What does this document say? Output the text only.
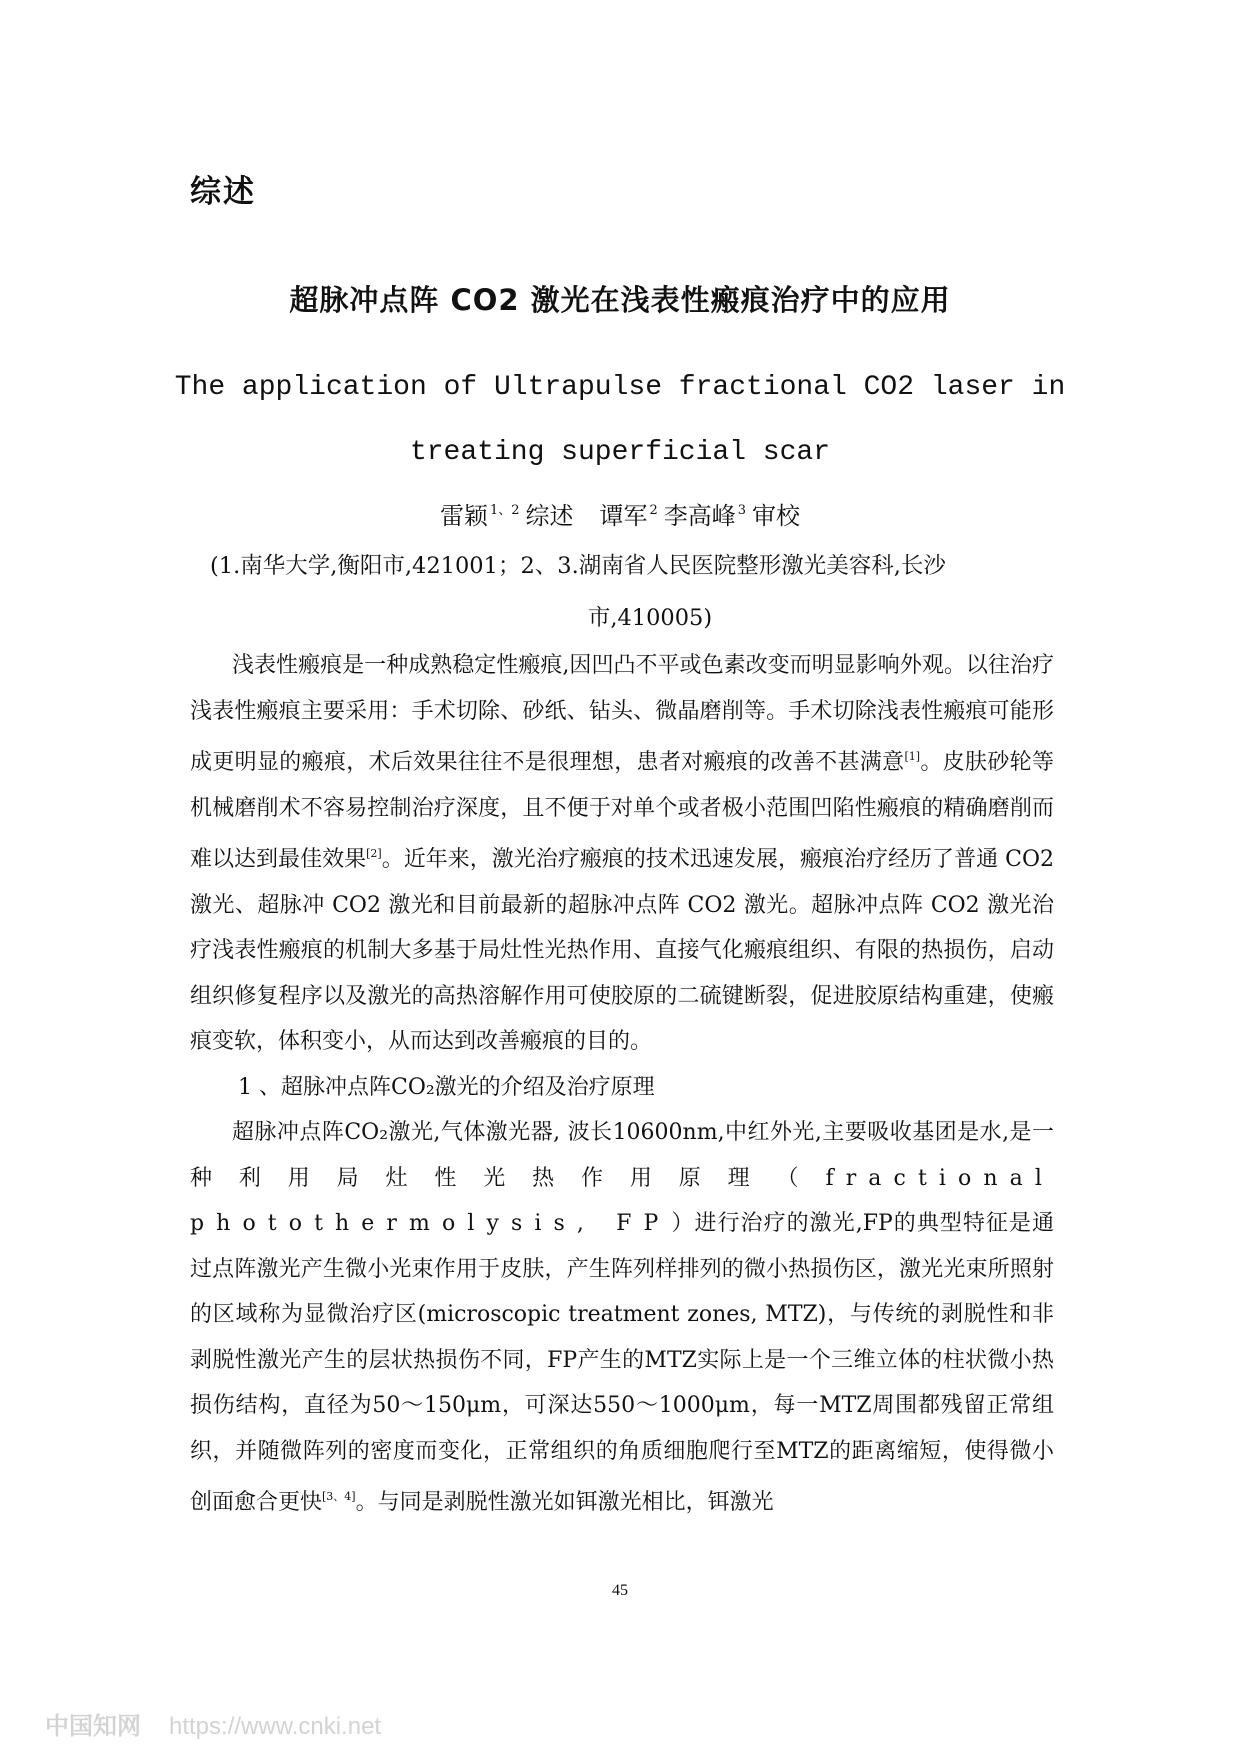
综述
超脉冲点阵 CO2 激光在浅表性瘢痕治疗中的应用
The application of Ultrapulse fractional CO2 laser in
treating superficial scar
雷颖 $^{1、2}$ 综述 谭军 $^2$ 李高峰 $^3$ 审校
(1.南华大学,衡阳市,421001；2、3.湖南省人民医院整形激光美容科,长沙
市,410005)

浅表性瘢痕是一种成熟稳定性瘢痕,因凹凸不平或色素改变而明显影响外观。以往治疗浅表性瘢痕主要采用：手术切除、砂纸、钻头、微晶磨削等。手术切除浅表性瘢痕可能形成更明显的瘢痕，术后效果往往不是很理想，患者对瘢痕的改善不甚满意[1]。皮肤砂轮等机械磨削术不容易控制治疗深度，且不便于对单个或者极小范围凹陷性瘢痕的精确磨削而难以达到最佳效果[2]。近年来，激光治疗瘢痕的技术迅速发展，瘢痕治疗经历了普通 CO2 激光、超脉冲 CO2 激光和目前最新的超脉冲点阵 CO2 激光。超脉冲点阵 CO2 激光治疗浅表性瘢痕的机制大多基于局灶性光热作用、直接气化瘢痕组织、有限的热损伤，启动组织修复程序以及激光的高热溶解作用可使胶原的二硫键断裂，促进胶原结构重建，使瘢痕变软，体积变小，从而达到改善瘢痕的目的。

1 、超脉冲点阵CO₂激光的介绍及治疗原理

超脉冲点阵CO₂激光,气体激光器, 波长10600nm,中红外光,主要吸收基团是水,是一种利用局灶性光热作用原理（fractional photothermolysis, FP）进行治疗的激光,FP的典型特征是通过点阵激光产生微小光束作用于皮肤，产生阵列样排列的微小热损伤区，激光光束所照射的区域称为显微治疗区(microscopic treatment zones, MTZ)，与传统的剥脱性和非剥脱性激光产生的层状热损伤不同，FP产生的MTZ实际上是一个三维立体的柱状微小热损伤结构，直径为50～150μm，可深达550～1000μm，每一MTZ周围都残留正常组织，并随微阵列的密度而变化，正常组织的角质细胞爬行至MTZ的距离缩短，使得微小创面愈合更快[3、4]。与同是剥脱性激光如铒激光相比，铒激光

45
中国知网 https://www.cnki.net
